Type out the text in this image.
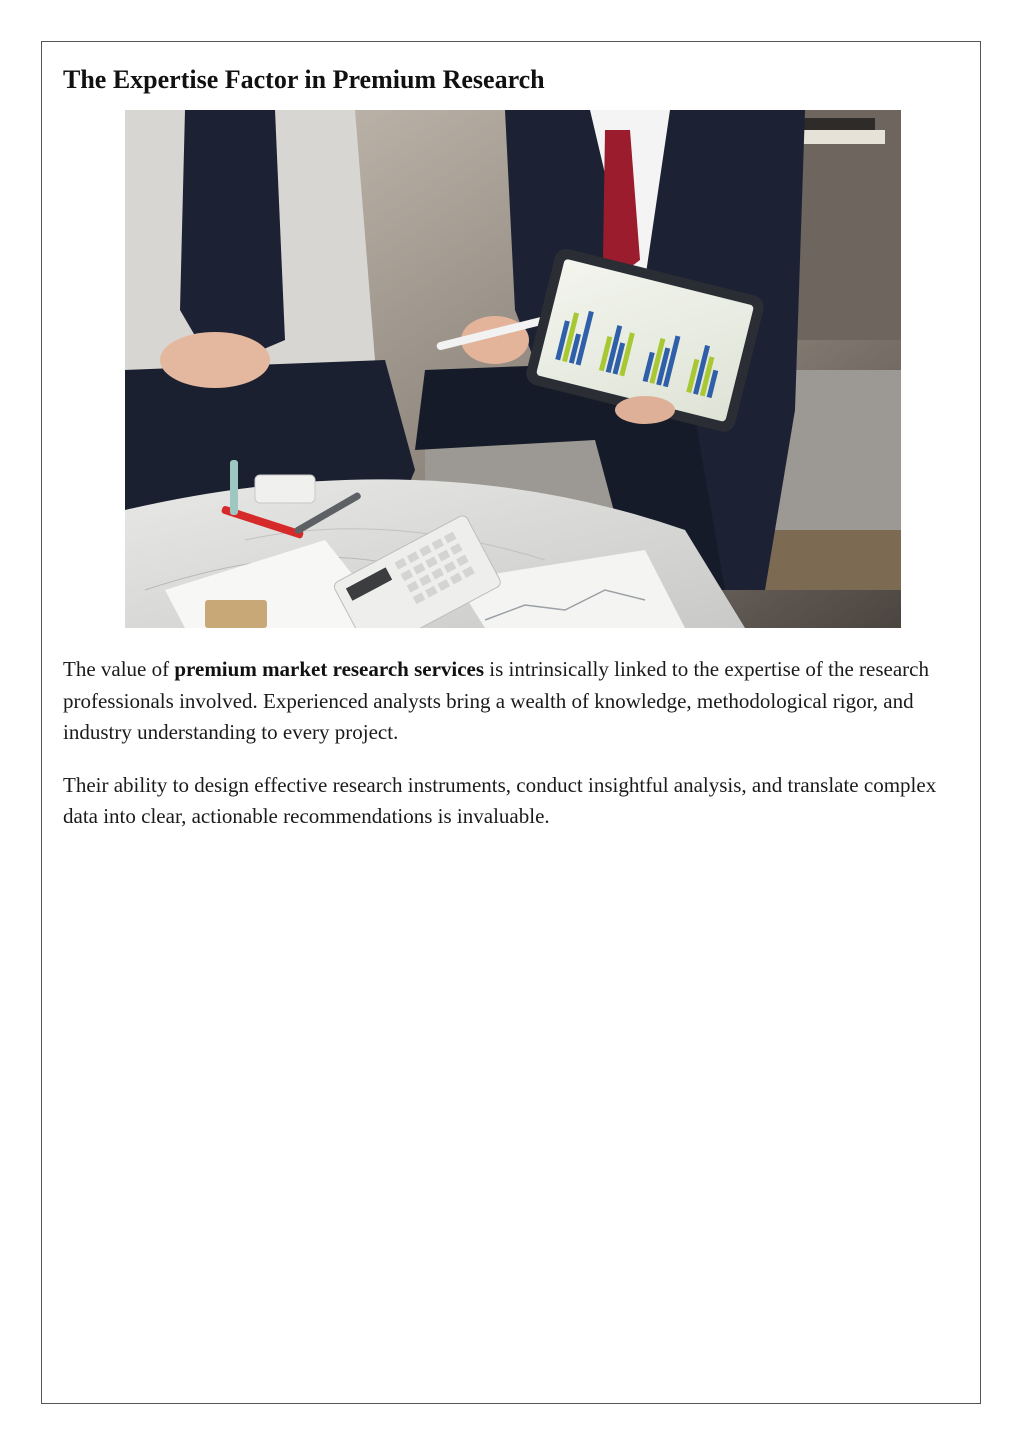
The Expertise Factor in Premium Research

The value of premium market research services is intrinsically linked to the expertise of the research professionals involved. Experienced analysts bring a wealth of knowledge, methodological rigor, and industry understanding to every project.

Their ability to design effective research instruments, conduct insightful analysis, and translate complex data into clear, actionable recommendations is invaluable.
